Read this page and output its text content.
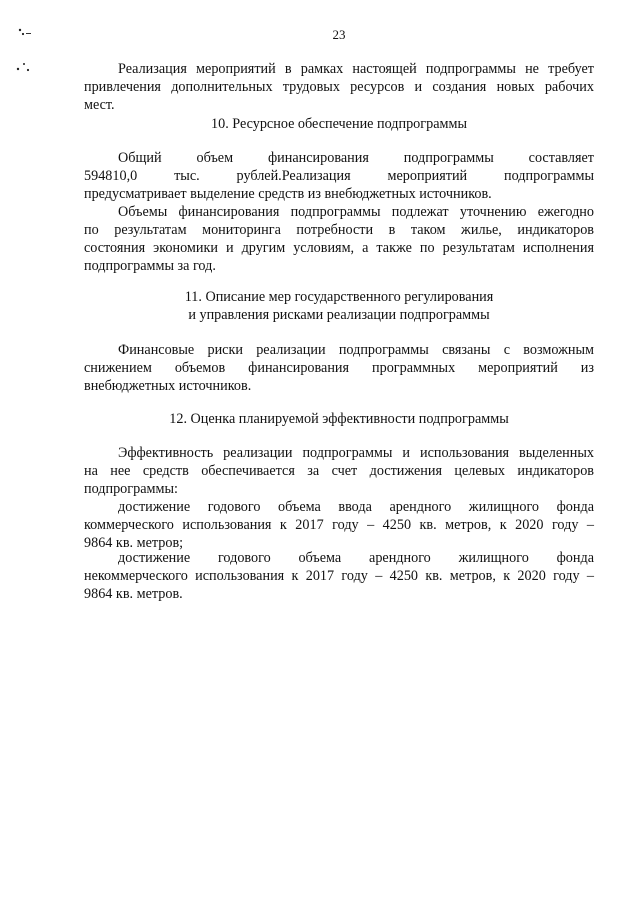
23
Реализация мероприятий в рамках настоящей подпрограммы не требует
привлечения дополнительных трудовых ресурсов и создания новых рабочих
мест.
10. Ресурсное обеспечение подпрограммы
Общий объем финансирования подпрограммы составляет
594810,0 тыс. рублей.Реализация мероприятий подпрограммы
предусматривает выделение средств из внебюджетных источников.
Объемы финансирования подпрограммы подлежат уточнению ежегодно
по результатам мониторинга потребности в таком жилье, индикаторов
состояния экономики и другим условиям, а также по результатам исполнения
подпрограммы за год.
11. Описание мер государственного регулирования
и управления рисками реализации подпрограммы
Финансовые риски реализации подпрограммы связаны с возможным
снижением объемов финансирования программных мероприятий из
внебюджетных источников.
12. Оценка планируемой эффективности подпрограммы
Эффективность реализации подпрограммы и использования выделенных
на нее средств обеспечивается за счет достижения целевых индикаторов
подпрограммы:
достижение годового объема ввода арендного жилищного фонда
коммерческого использования к 2017 году – 4250 кв. метров, к 2020 году –
9864 кв. метров;
достижение годового объема арендного жилищного фонда
некоммерческого использования к 2017 году – 4250 кв. метров, к 2020 году –
9864 кв. метров.
